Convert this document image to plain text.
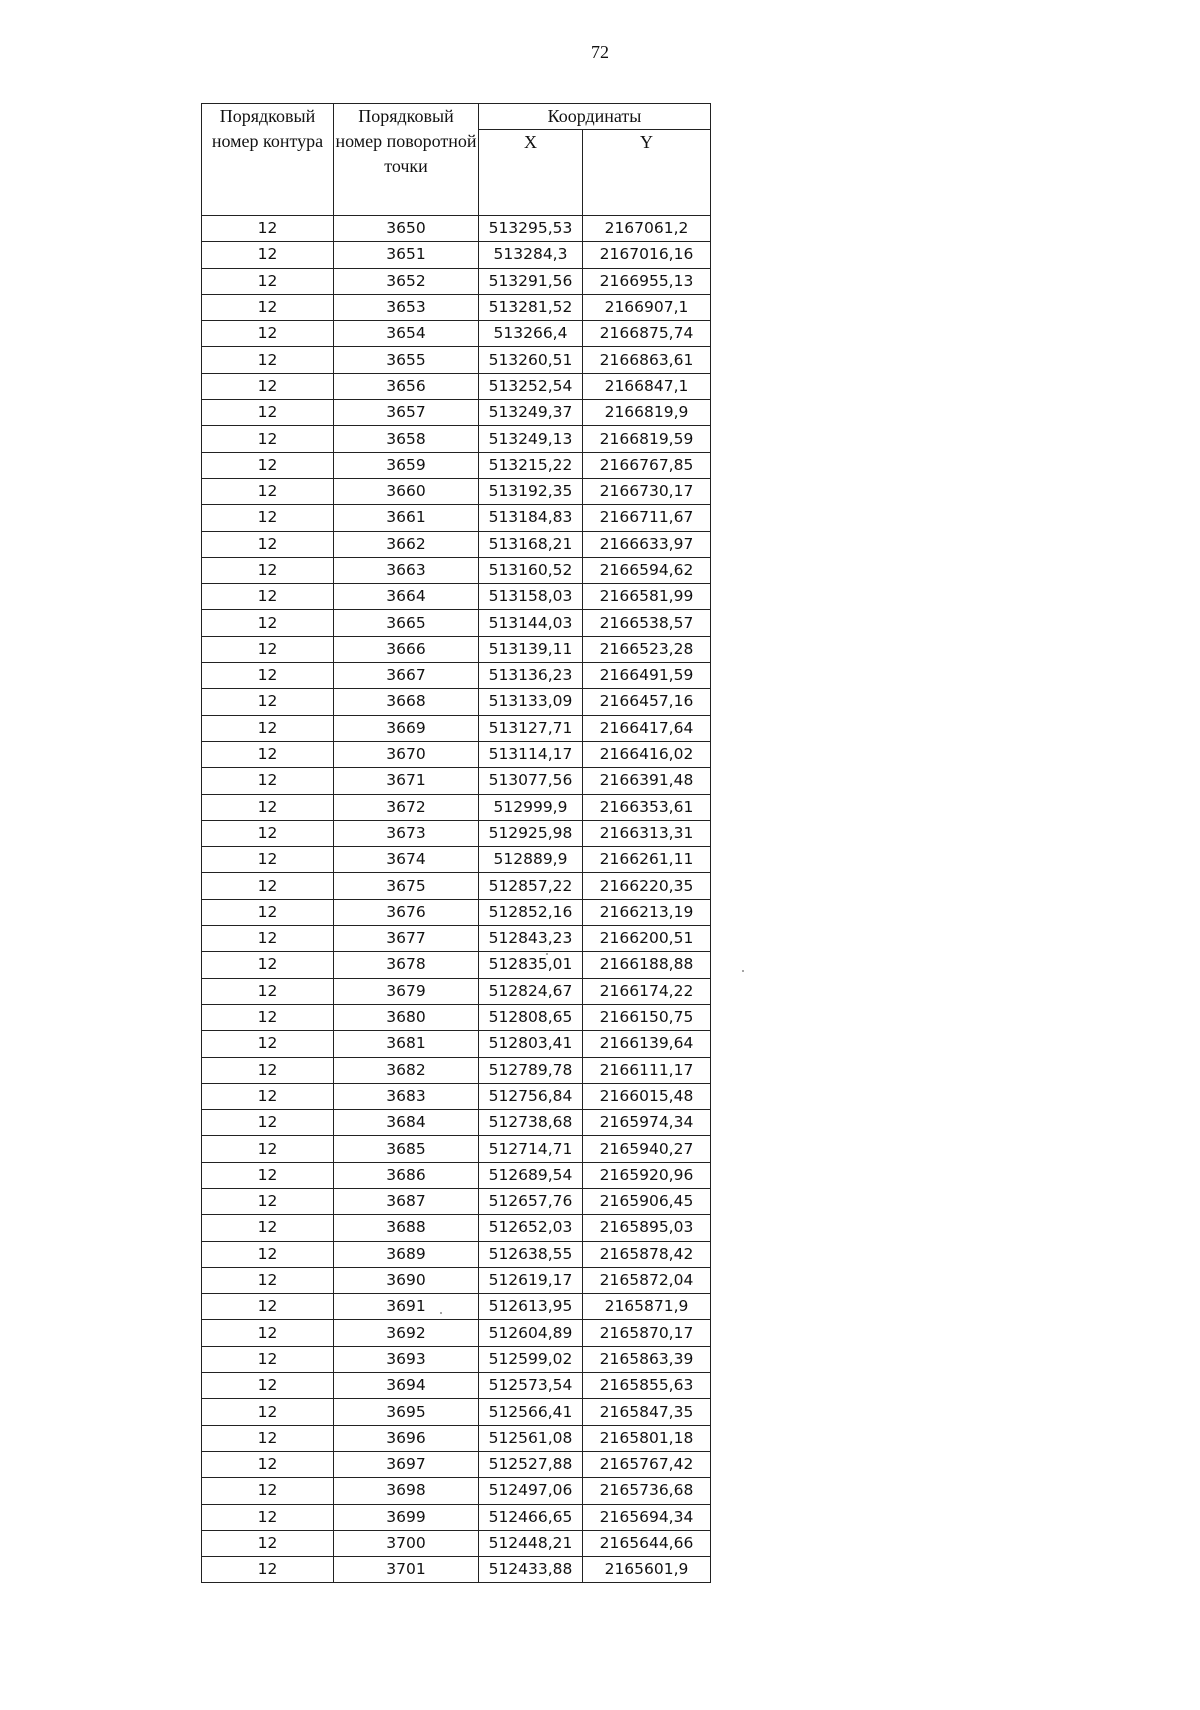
72
Порядковый номер контура	Порядковый номер поворотной точки	Координаты	
		X	Y
12	3650	513295,53	2167061,2
12	3651	513284,3	2167016,16
12	3652	513291,56	2166955,13
12	3653	513281,52	2166907,1
12	3654	513266,4	2166875,74
12	3655	513260,51	2166863,61
12	3656	513252,54	2166847,1
12	3657	513249,37	2166819,9
12	3658	513249,13	2166819,59
12	3659	513215,22	2166767,85
12	3660	513192,35	2166730,17
12	3661	513184,83	2166711,67
12	3662	513168,21	2166633,97
12	3663	513160,52	2166594,62
12	3664	513158,03	2166581,99
12	3665	513144,03	2166538,57
12	3666	513139,11	2166523,28
12	3667	513136,23	2166491,59
12	3668	513133,09	2166457,16
12	3669	513127,71	2166417,64
12	3670	513114,17	2166416,02
12	3671	513077,56	2166391,48
12	3672	512999,9	2166353,61
12	3673	512925,98	2166313,31
12	3674	512889,9	2166261,11
12	3675	512857,22	2166220,35
12	3676	512852,16	2166213,19
12	3677	512843,23	2166200,51
12	3678	512835,01	2166188,88
12	3679	512824,67	2166174,22
12	3680	512808,65	2166150,75
12	3681	512803,41	2166139,64
12	3682	512789,78	2166111,17
12	3683	512756,84	2166015,48
12	3684	512738,68	2165974,34
12	3685	512714,71	2165940,27
12	3686	512689,54	2165920,96
12	3687	512657,76	2165906,45
12	3688	512652,03	2165895,03
12	3689	512638,55	2165878,42
12	3690	512619,17	2165872,04
12	3691	512613,95	2165871,9
12	3692	512604,89	2165870,17
12	3693	512599,02	2165863,39
12	3694	512573,54	2165855,63
12	3695	512566,41	2165847,35
12	3696	512561,08	2165801,18
12	3697	512527,88	2165767,42
12	3698	512497,06	2165736,68
12	3699	512466,65	2165694,34
12	3700	512448,21	2165644,66
12	3701	512433,88	2165601,9
